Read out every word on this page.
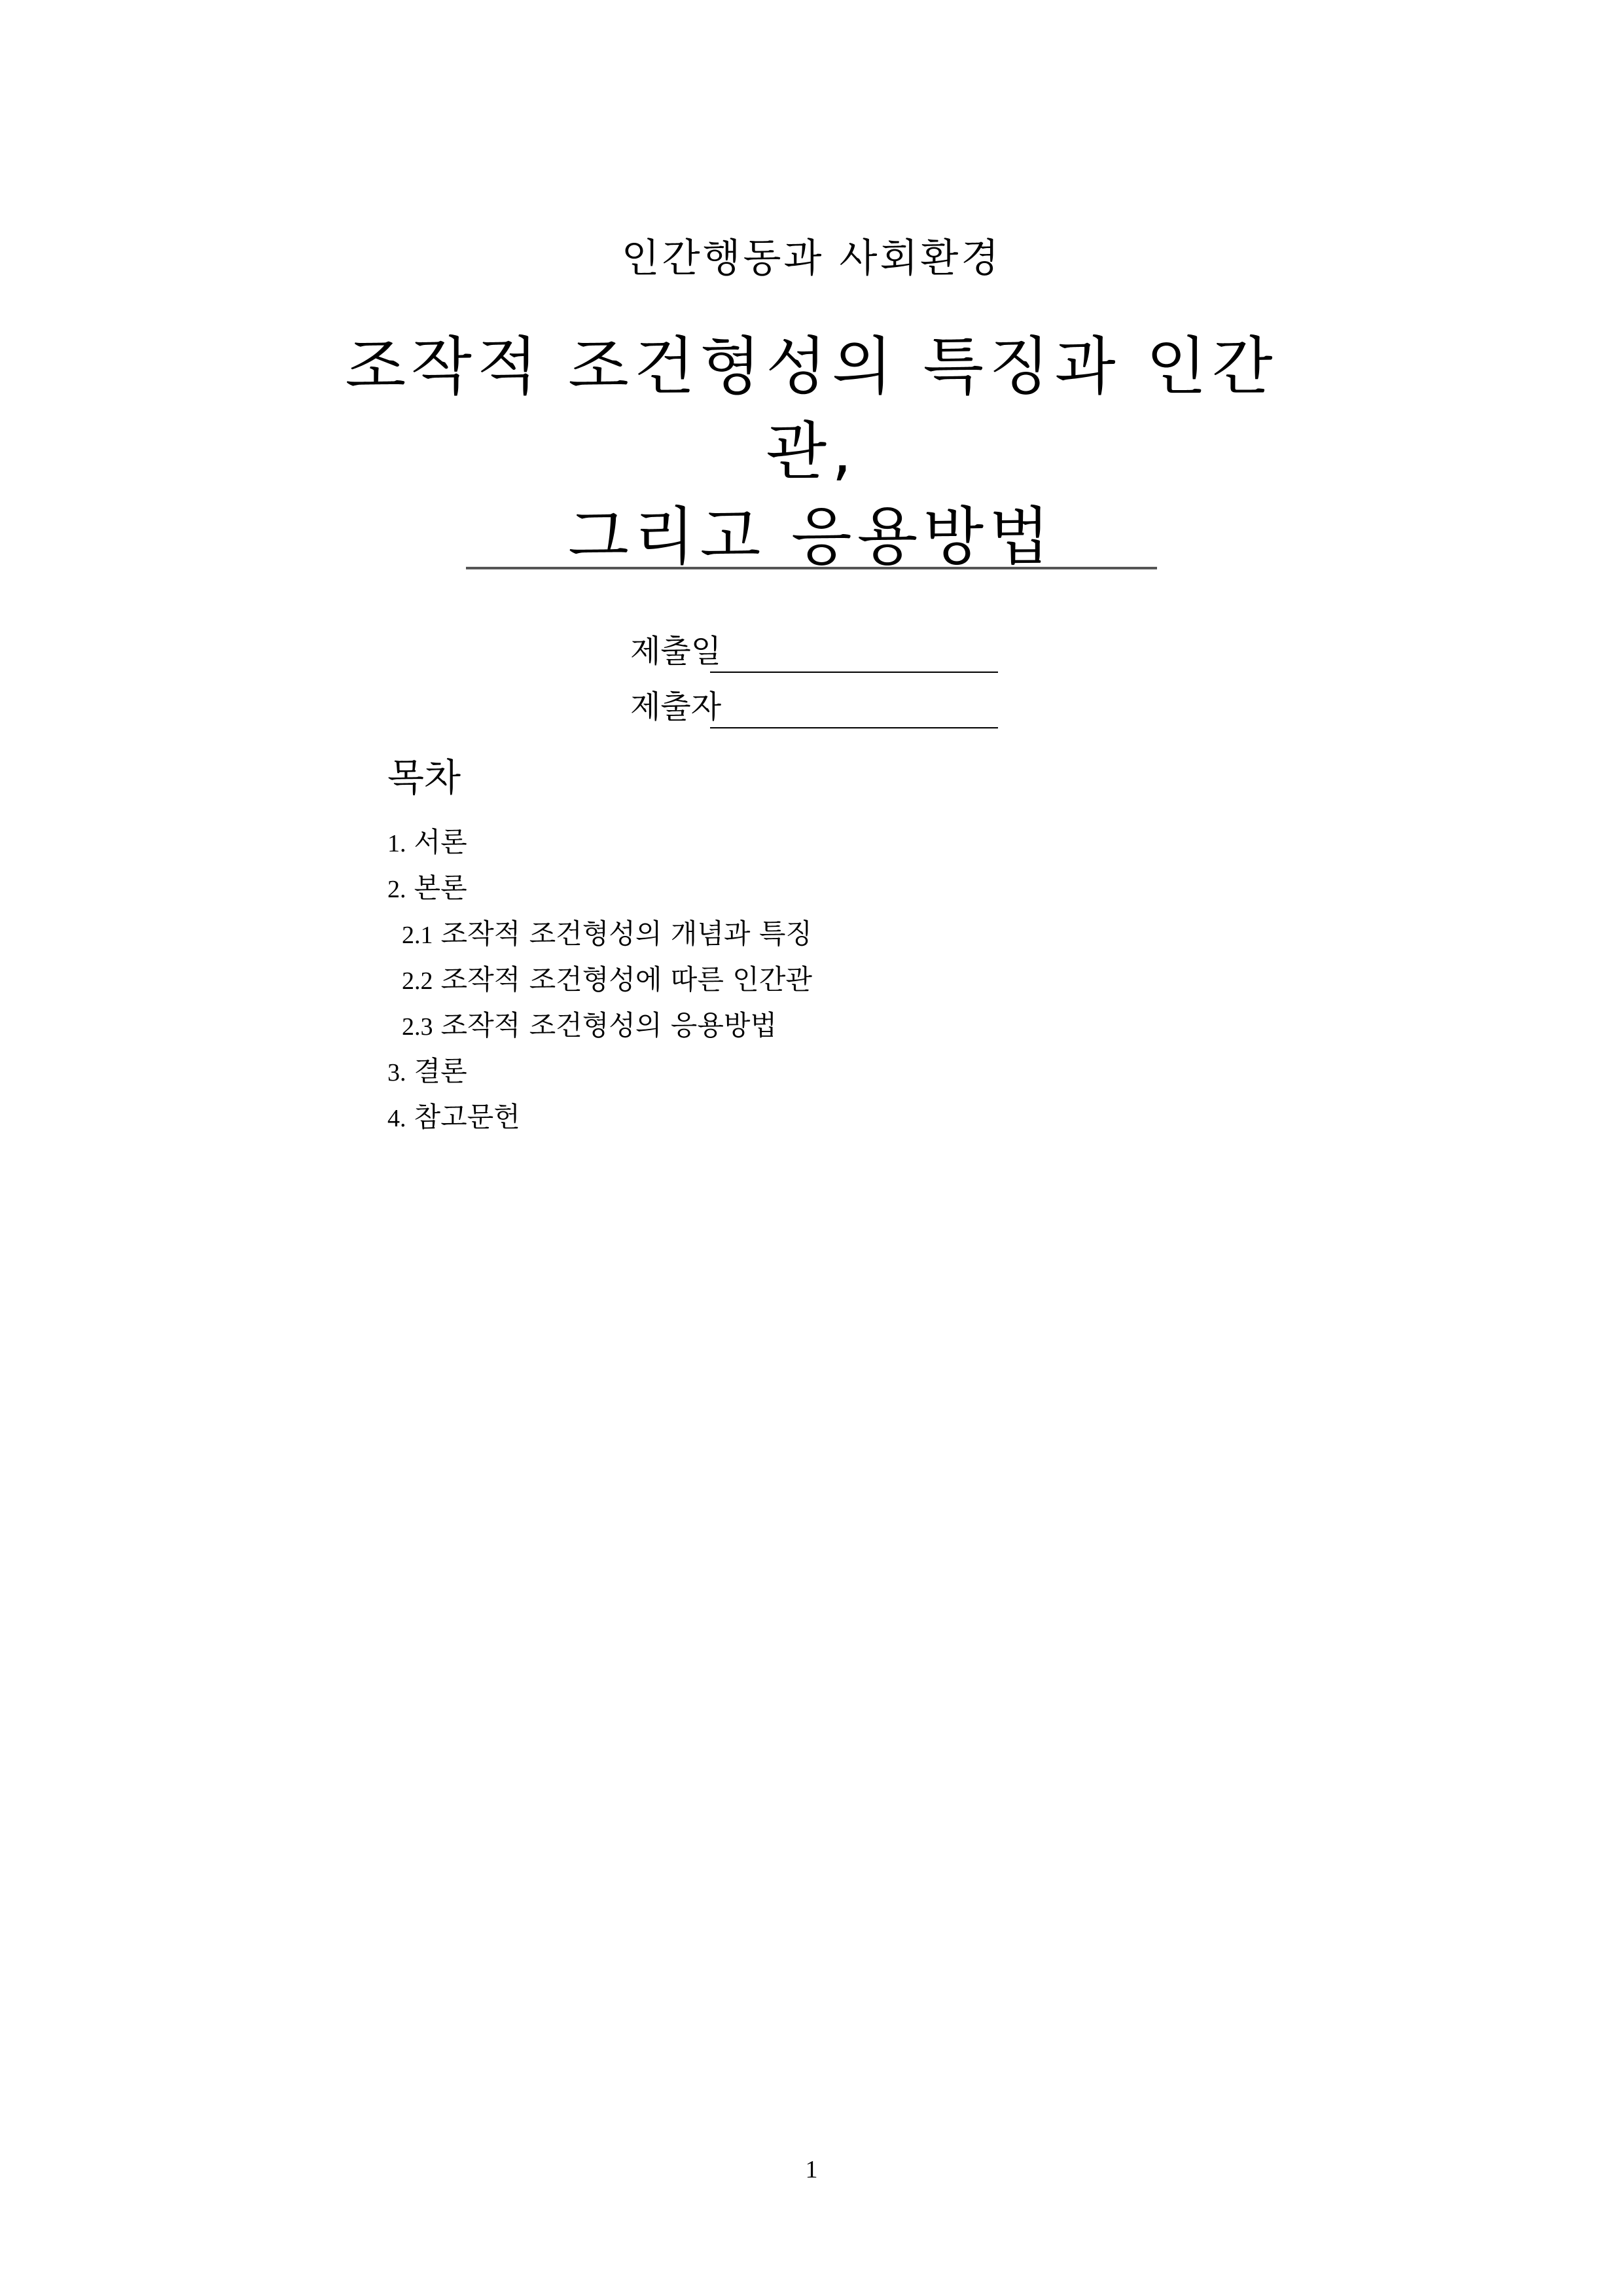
인간행동과 사회환경
조작적 조건형성의 특징과 인간관,
그리고 응용방법
제출일
제출자
목차
1. 서론
2. 본론
2.1 조작적 조건형성의 개념과 특징
2.2 조작적 조건형성에 따른 인간관
2.3 조작적 조건형성의 응용방법
3. 결론
4. 참고문헌
1
